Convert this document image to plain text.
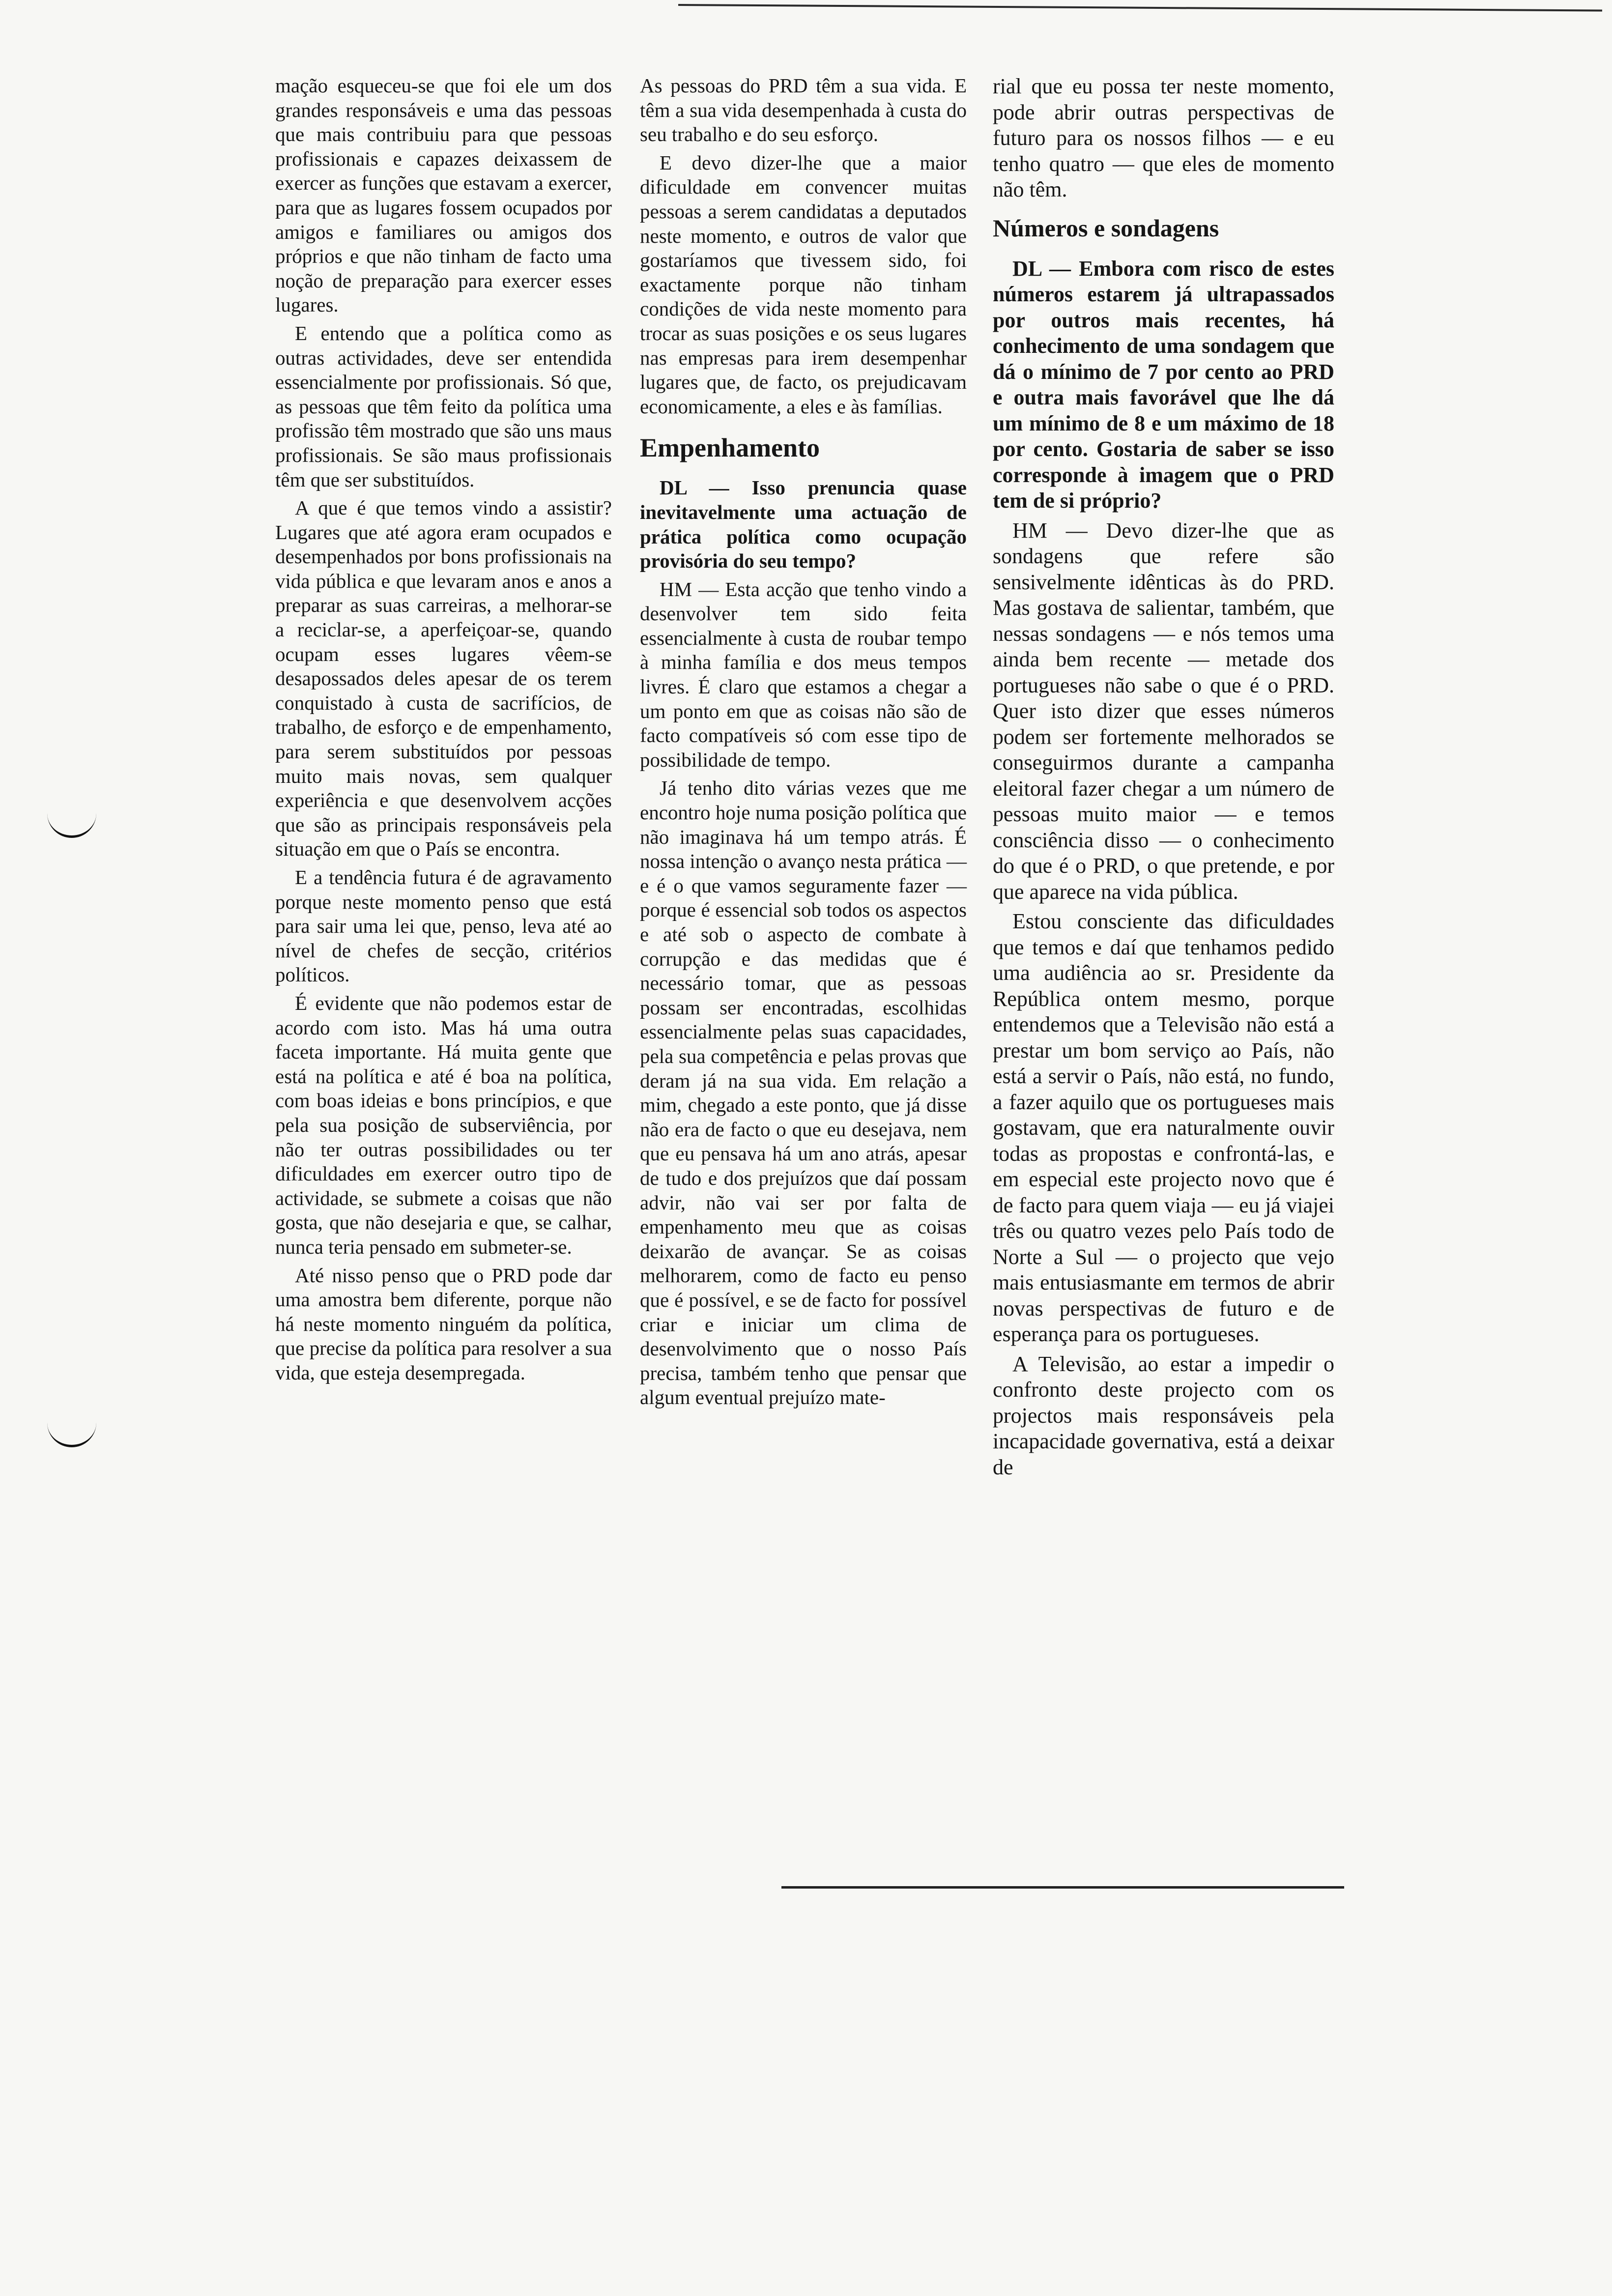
mação esqueceu-se que foi ele um dos grandes responsáveis e uma das pessoas que mais contribuiu para que pessoas profissionais e capazes deixassem de exercer as funções que estavam a exercer, para que as lugares fossem ocupados por amigos e familiares ou amigos dos próprios e que não tinham de facto uma noção de preparação para exercer esses lugares.

E entendo que a política como as outras actividades, deve ser entendida essencialmente por profissionais. Só que, as pessoas que têm feito da política uma profissão têm mostrado que são uns maus profissionais. Se são maus profissionais têm que ser substituídos.

A que é que temos vindo a assistir? Lugares que até agora eram ocupados e desempenhados por bons profissionais na vida pública e que levaram anos e anos a preparar as suas carreiras, a melhorar-se a reciclar-se, a aperfeiçoar-se, quando ocupam esses lugares vêem-se desapossados deles apesar de os terem conquistado à custa de sacrifícios, de trabalho, de esforço e de empenhamento, para serem substituídos por pessoas muito mais novas, sem qualquer experiência e que desenvolvem acções que são as principais responsáveis pela situação em que o País se encontra.

E a tendência futura é de agravamento porque neste momento penso que está para sair uma lei que, penso, leva até ao nível de chefes de secção, critérios políticos.

É evidente que não podemos estar de acordo com isto. Mas há uma outra faceta importante. Há muita gente que está na política e até é boa na política, com boas ideias e bons princípios, e que pela sua posição de subserviência, por não ter outras possibilidades ou ter dificuldades em exercer outro tipo de actividade, se submete a coisas que não gosta, que não desejaria e que, se calhar, nunca teria pensado em submeter-se.

Até nisso penso que o PRD pode dar uma amostra bem diferente, porque não há neste momento ninguém da política, que precise da política para resolver a sua vida, que esteja desempregada.

As pessoas do PRD têm a sua vida. E têm a sua vida desempenhada à custa do seu trabalho e do seu esforço.

E devo dizer-lhe que a maior dificuldade em convencer muitas pessoas a serem candidatas a deputados neste momento, e outros de valor que gostaríamos que tivessem sido, foi exactamente porque não tinham condições de vida neste momento para trocar as suas posições e os seus lugares nas empresas para irem desempenhar lugares que, de facto, os prejudicavam economicamente, a eles e às famílias.

Empenhamento

DL — Isso prenuncia quase inevitavelmente uma actuação de prática política como ocupação provisória do seu tempo?

HM — Esta acção que tenho vindo a desenvolver tem sido feita essencialmente à custa de roubar tempo à minha família e dos meus tempos livres. É claro que estamos a chegar a um ponto em que as coisas não são de facto compatíveis só com esse tipo de possibilidade de tempo.

Já tenho dito várias vezes que me encontro hoje numa posição política que não imaginava há um tempo atrás. É nossa intenção o avanço nesta prática — e é o que vamos seguramente fazer — porque é essencial sob todos os aspectos e até sob o aspecto de combate à corrupção e das medidas que é necessário tomar, que as pessoas possam ser encontradas, escolhidas essencialmente pelas suas capacidades, pela sua competência e pelas provas que deram já na sua vida. Em relação a mim, chegado a este ponto, que já disse não era de facto o que eu desejava, nem que eu pensava há um ano atrás, apesar de tudo e dos prejuízos que daí possam advir, não vai ser por falta de empenhamento meu que as coisas deixarão de avançar. Se as coisas melhorarem, como de facto eu penso que é possível, e se de facto for possível criar e iniciar um clima de desenvolvimento que o nosso País precisa, também tenho que pensar que algum eventual prejuízo mate-

rial que eu possa ter neste momento, pode abrir outras perspectivas de futuro para os nossos filhos — e eu tenho quatro — que eles de momento não têm.

Números e sondagens

DL — Embora com risco de estes números estarem já ultrapassados por outros mais recentes, há conhecimento de uma sondagem que dá o mínimo de 7 por cento ao PRD e outra mais favorável que lhe dá um mínimo de 8 e um máximo de 18 por cento. Gostaria de saber se isso corresponde à imagem que o PRD tem de si próprio?

HM — Devo dizer-lhe que as sondagens que refere são sensivelmente idênticas às do PRD. Mas gostava de salientar, também, que nessas sondagens — e nós temos uma ainda bem recente — metade dos portugueses não sabe o que é o PRD. Quer isto dizer que esses números podem ser fortemente melhorados se conseguirmos durante a campanha eleitoral fazer chegar a um número de pessoas muito maior — e temos consciência disso — o conhecimento do que é o PRD, o que pretende, e por que aparece na vida pública.

Estou consciente das dificuldades que temos e daí que tenhamos pedido uma audiência ao sr. Presidente da República ontem mesmo, porque entendemos que a Televisão não está a prestar um bom serviço ao País, não está a servir o País, não está, no fundo, a fazer aquilo que os portugueses mais gostavam, que era naturalmente ouvir todas as propostas e confrontá-las, e em especial este projecto novo que é de facto para quem viaja — eu já viajei três ou quatro vezes pelo País todo de Norte a Sul — o projecto que vejo mais entusiasmante em termos de abrir novas perspectivas de futuro e de esperança para os portugueses.

A Televisão, ao estar a impedir o confronto deste projecto com os projectos mais responsáveis pela incapacidade governativa, está a deixar de
